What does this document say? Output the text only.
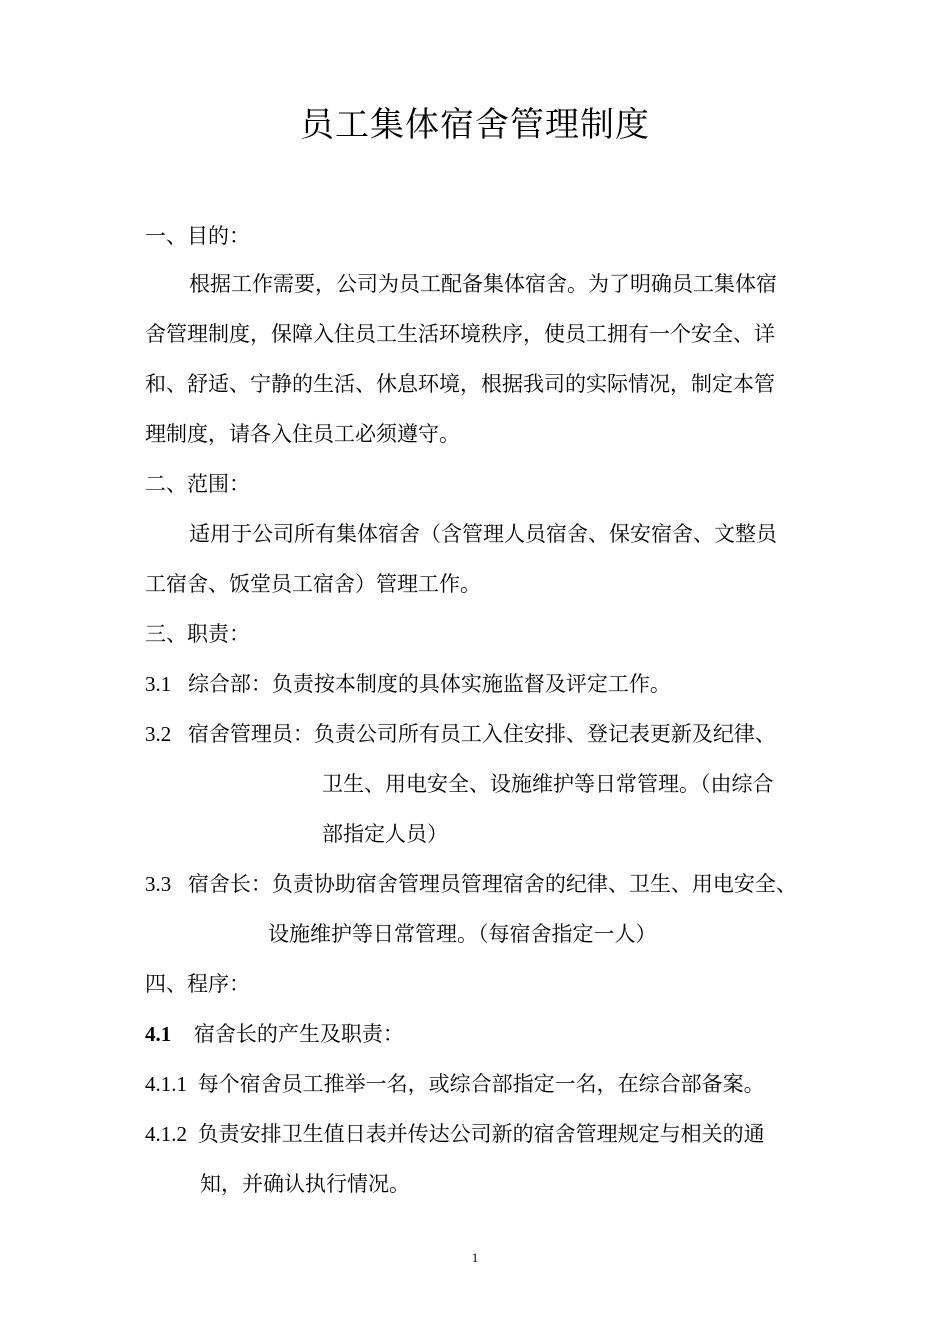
员工集体宿舍管理制度
一、目的：
根据工作需要，公司为员工配备集体宿舍。为了明确员工集体宿
舍管理制度，保障入住员工生活环境秩序，使员工拥有一个安全、详
和、舒适、宁静的生活、休息环境，根据我司的实际情况，制定本管
理制度，请各入住员工必须遵守。
二、范围：
适用于公司所有集体宿舍（含管理人员宿舍、保安宿舍、文整员
工宿舍、饭堂员工宿舍）管理工作。
三、职责：
3.1 综合部：负责按本制度的具体实施监督及评定工作。
3.2 宿舍管理员：负责公司所有员工入住安排、登记表更新及纪律、
卫生、用电安全、设施维护等日常管理。（由综合
部指定人员）
3.3 宿舍长：负责协助宿舍管理员管理宿舍的纪律、卫生、用电安全、
设施维护等日常管理。（每宿舍指定一人）
四、程序：
4.1 宿舍长的产生及职责：
4.1.1 每个宿舍员工推举一名，或综合部指定一名，在综合部备案。
4.1.2 负责安排卫生值日表并传达公司新的宿舍管理规定与相关的通
知，并确认执行情况。
1
